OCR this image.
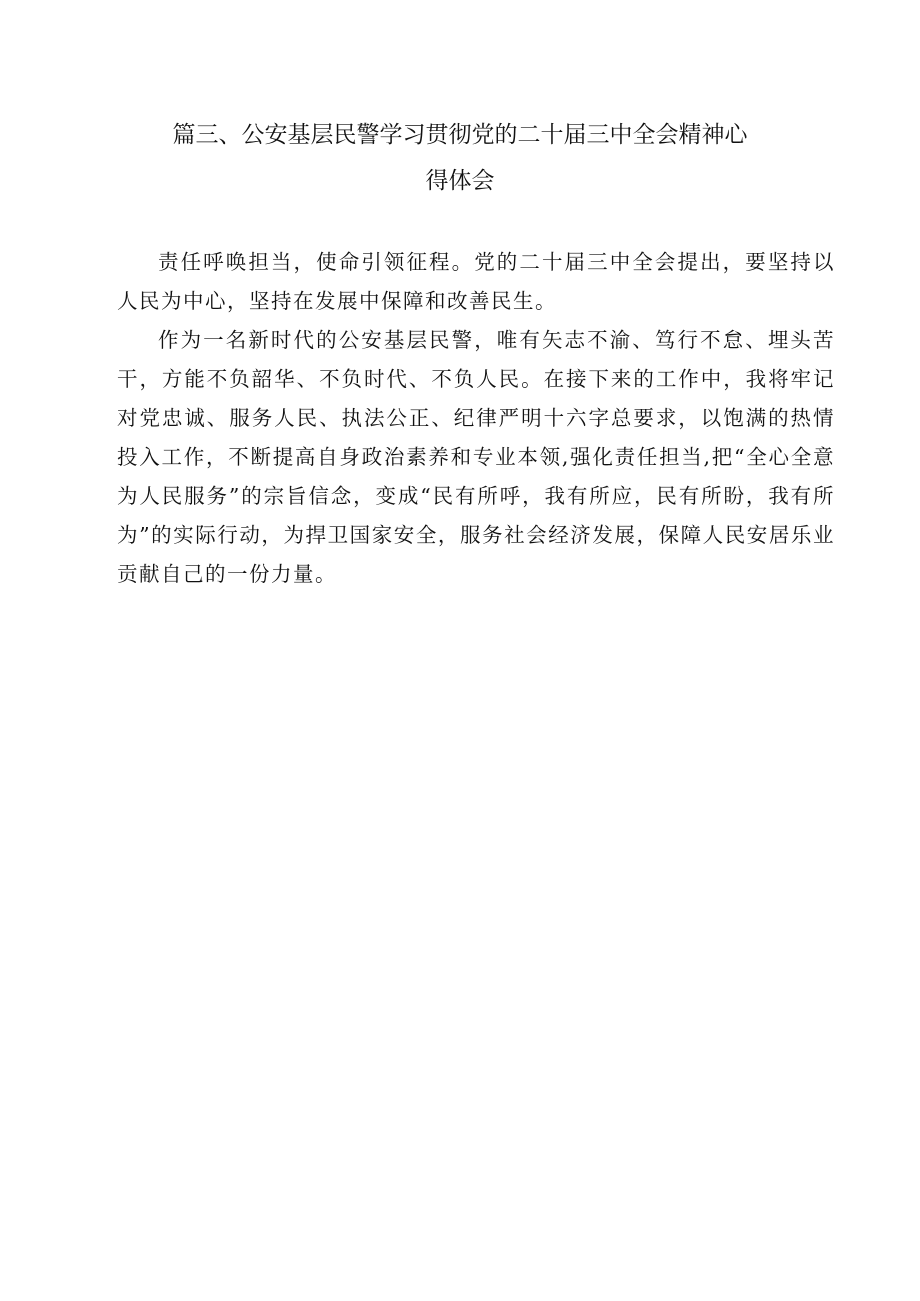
篇三、公安基层民警学习贯彻党的二十届三中全会精神心
得体会

责任呼唤担当，使命引领征程。党的二十届三中全会提出，要坚持以人民为中心，坚持在发展中保障和改善民生。

作为一名新时代的公安基层民警，唯有矢志不渝、笃行不怠、埋头苦干，方能不负韶华、不负时代、不负人民。在接下来的工作中，我将牢记对党忠诚、服务人民、执法公正、纪律严明十六字总要求，以饱满的热情投入工作，不断提高自身政治素养和专业本领,强化责任担当,把“全心全意为人民服务”的宗旨信念，变成“民有所呼，我有所应，民有所盼，我有所为”的实际行动，为捍卫国家安全，服务社会经济发展，保障人民安居乐业贡献自己的一份力量。
